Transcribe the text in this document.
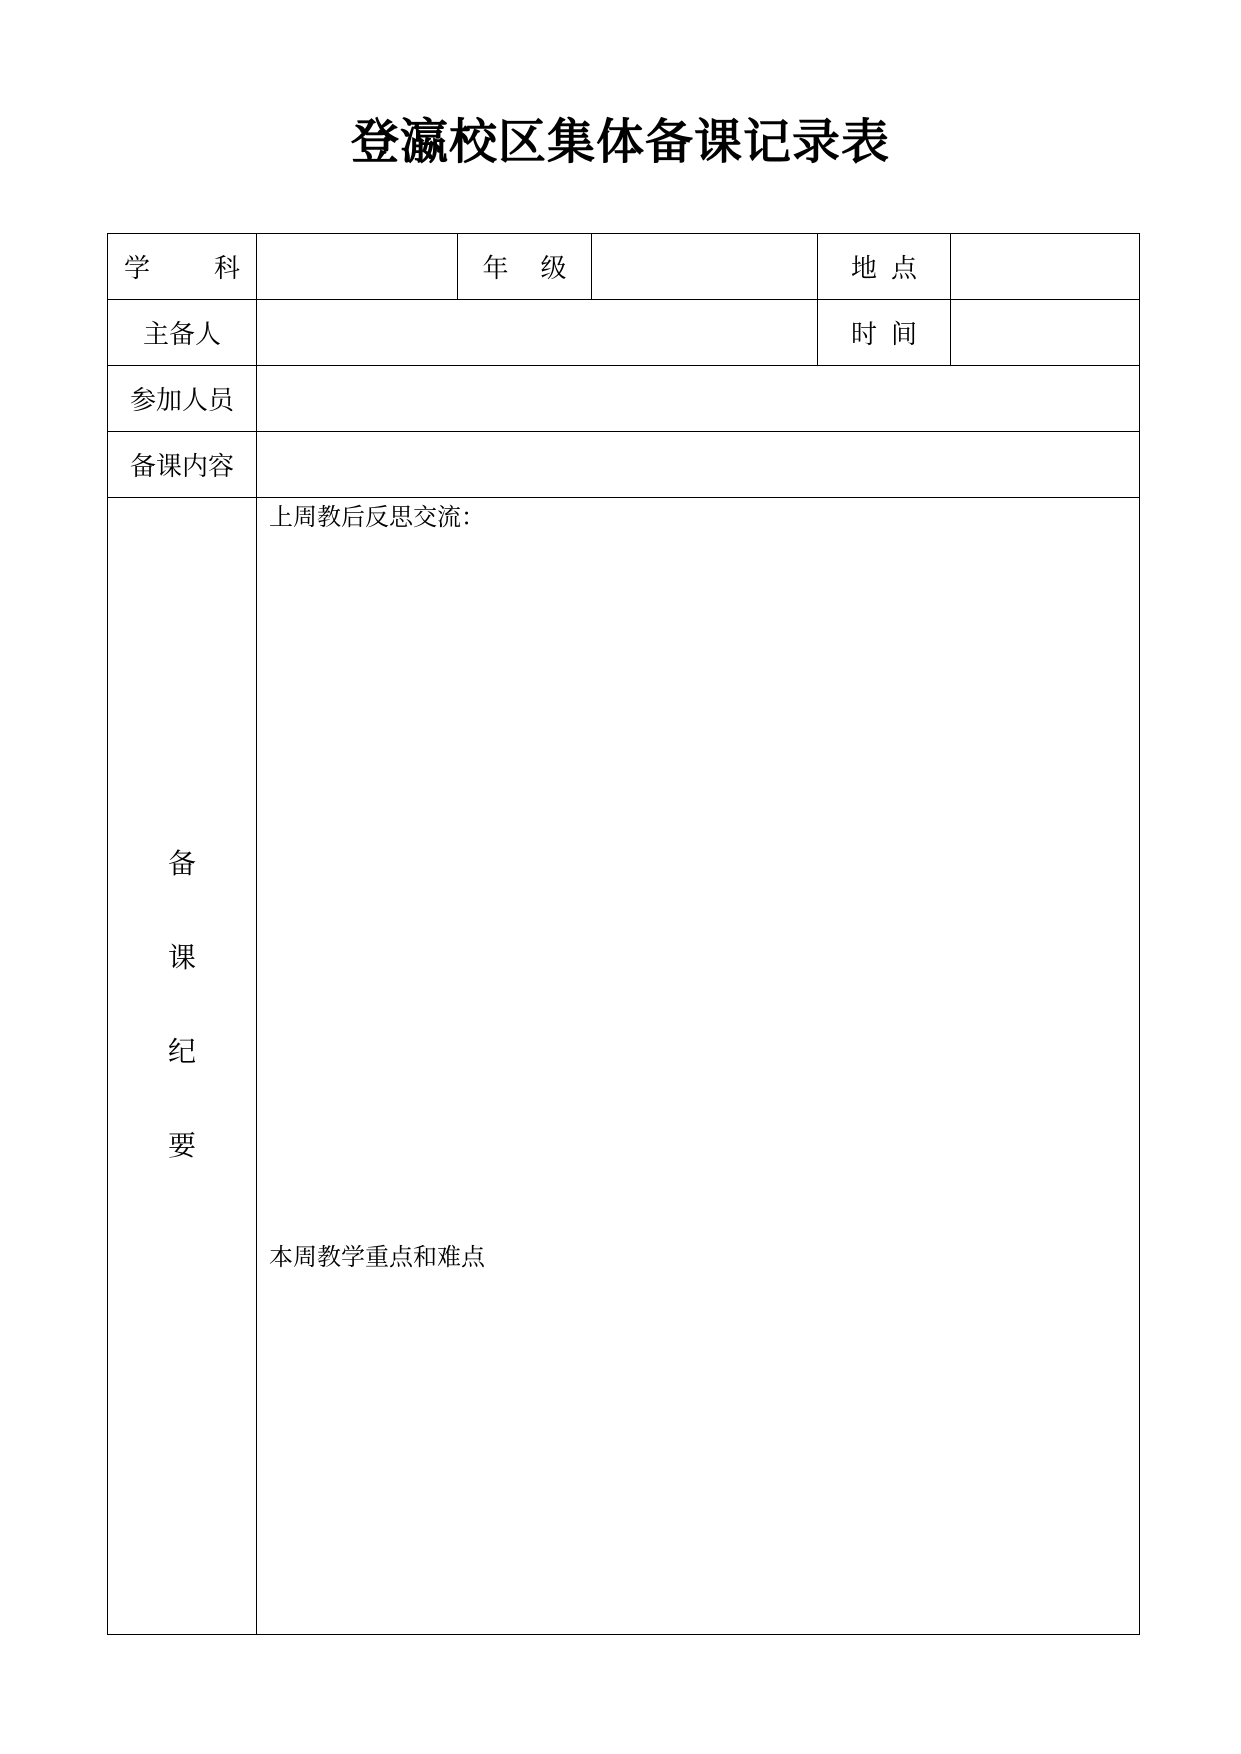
登瀛校区集体备课记录表
学 科	年 级	地 点
主备人	时 间
参加人员
备课内容
备
课
纪
要
上周教后反思交流：
本周教学重点和难点
